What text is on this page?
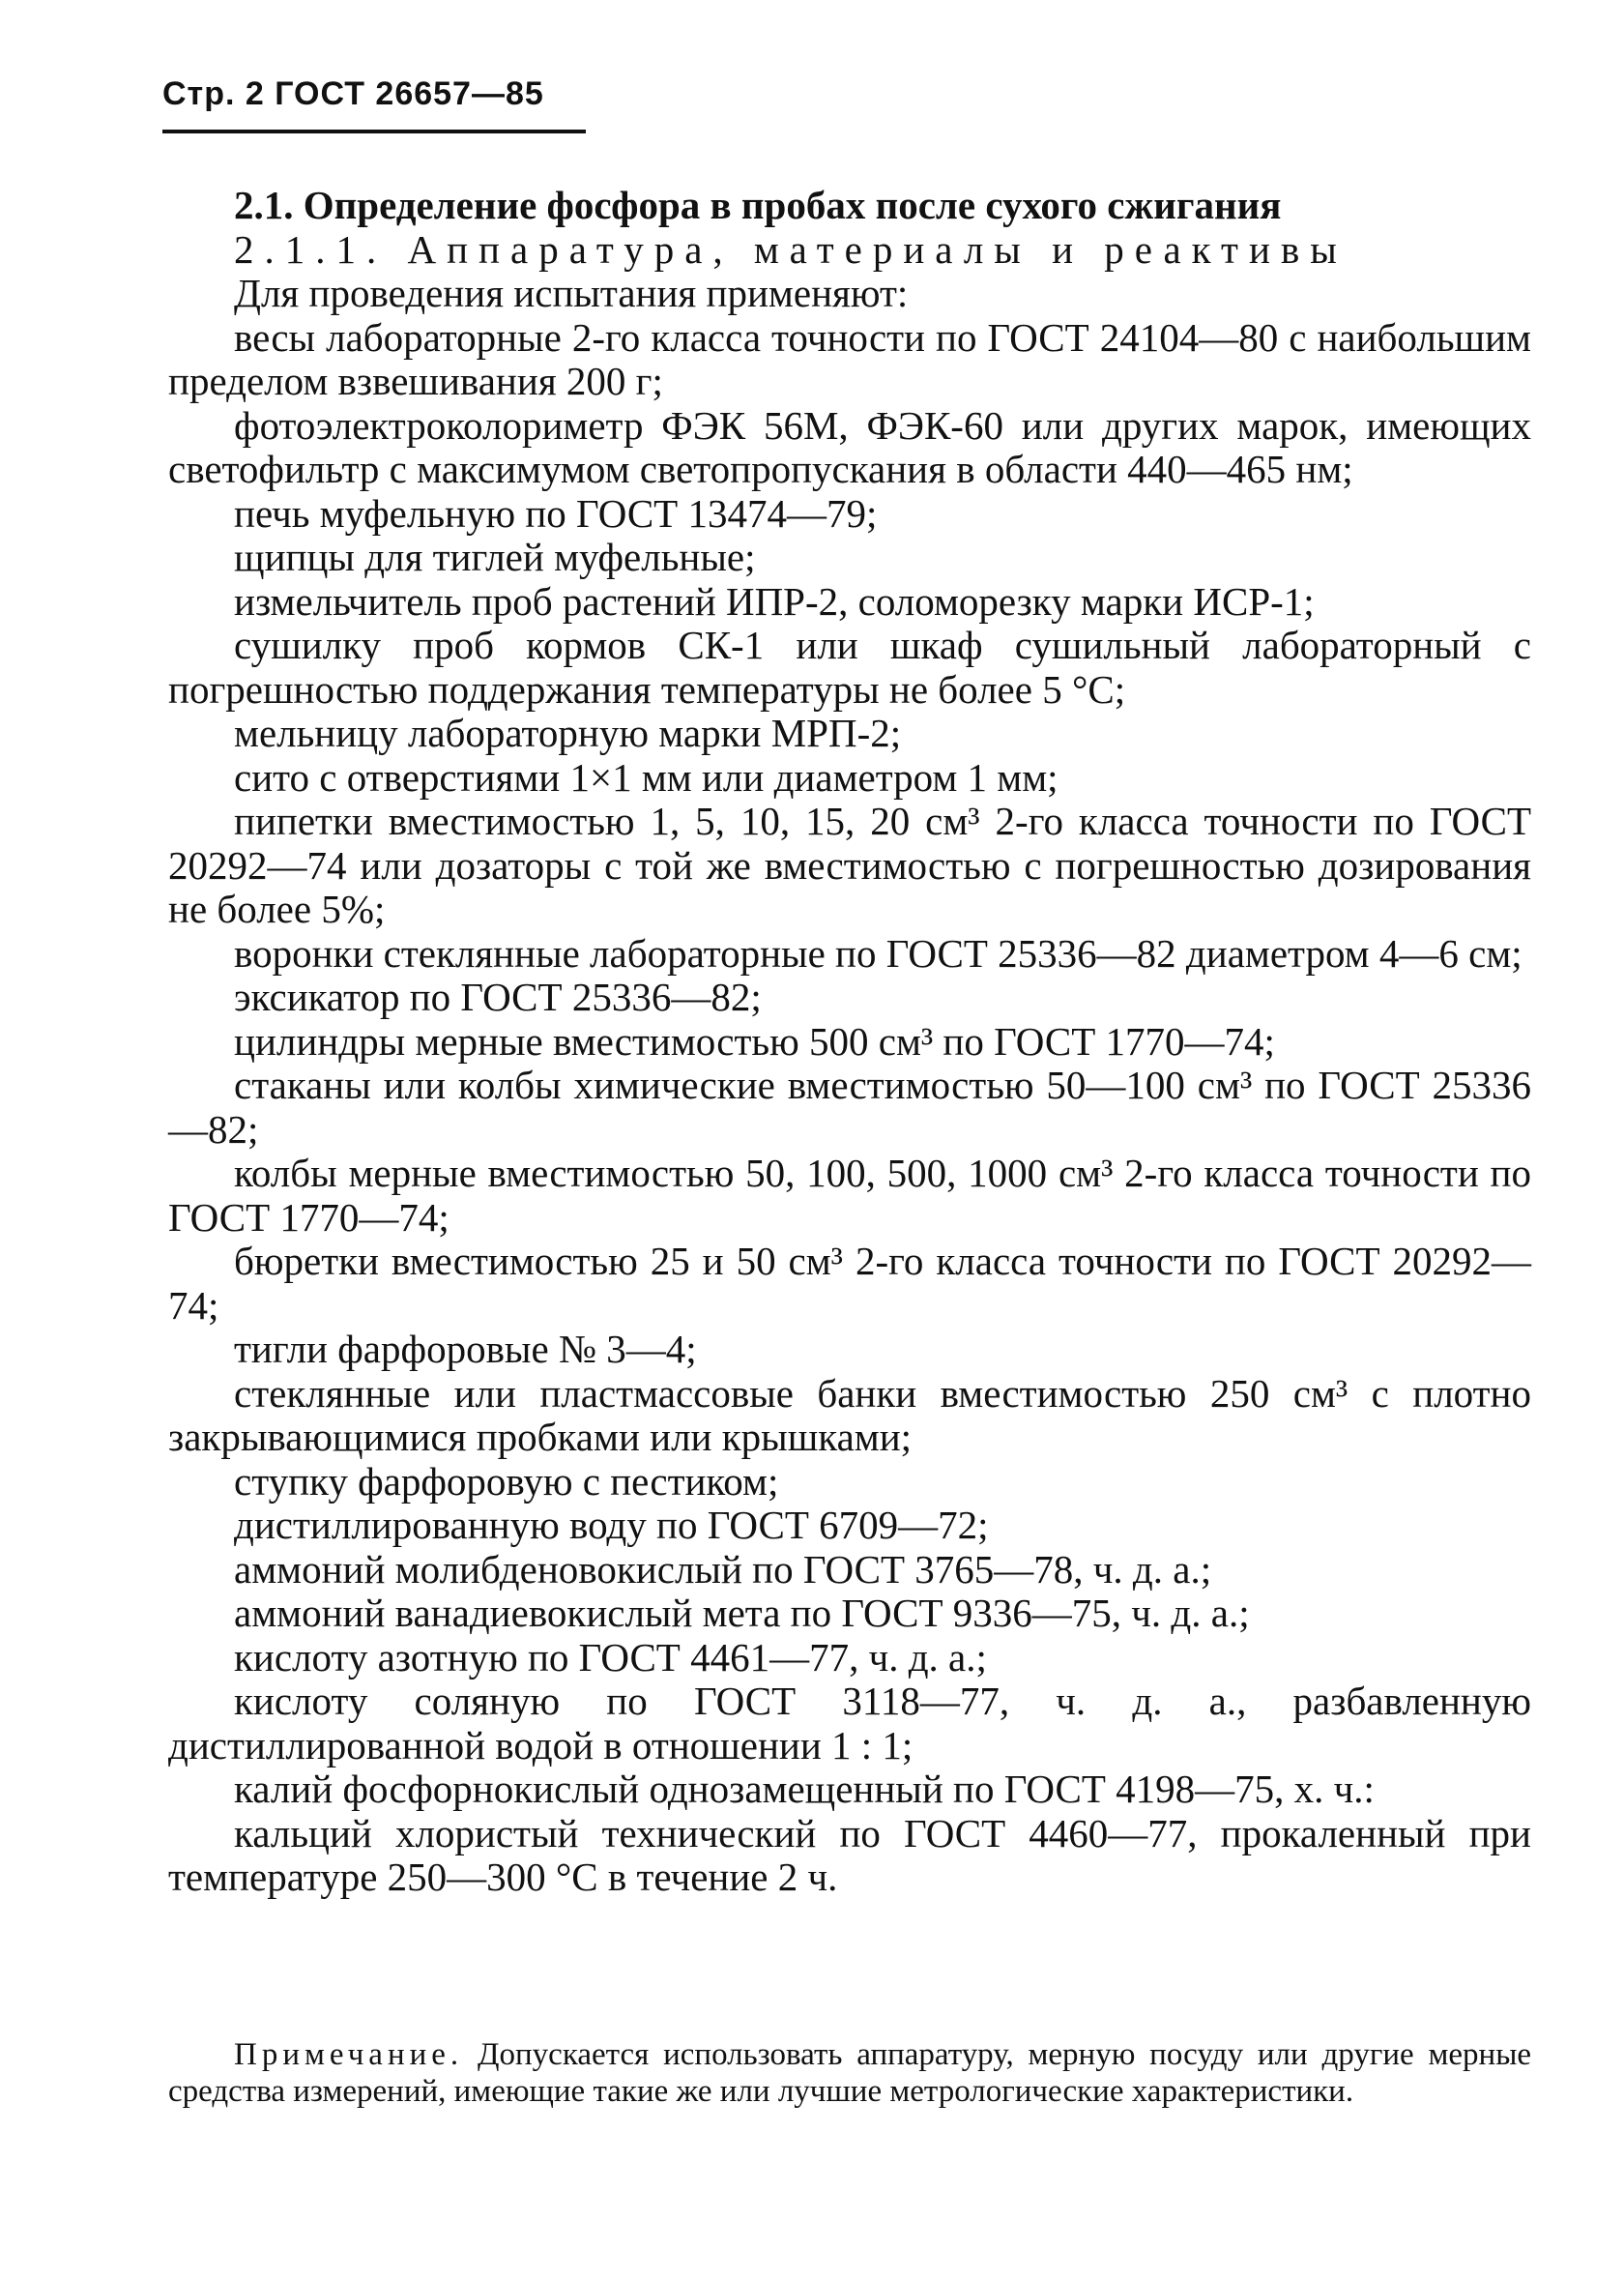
Стр. 2 ГОСТ 26657—85

2.1. Определение фосфора в пробах после сухого сжигания

2.1.1. Аппаратура, материалы и реактивы

Для проведения испытания применяют:

весы лабораторные 2-го класса точности по ГОСТ 24104—80 с наибольшим пределом взвешивания 200 г;

фотоэлектроколориметр ФЭК 56М, ФЭК-60 или других марок, имеющих светофильтр с максимумом светопропускания в области 440—465 нм;

печь муфельную по ГОСТ 13474—79;

щипцы для тиглей муфельные;

измельчитель проб растений ИПР-2, соломорезку марки ИСР-1;

сушилку проб кормов СК-1 или шкаф сушильный лабораторный с погрешностью поддержания температуры не более 5 °С;

мельницу лабораторную марки МРП-2;

сито с отверстиями 1×1 мм или диаметром 1 мм;

пипетки вместимостью 1, 5, 10, 15, 20 см³ 2-го класса точности по ГОСТ 20292—74 или дозаторы с той же вместимостью с погрешностью дозирования не более 5%;

воронки стеклянные лабораторные по ГОСТ 25336—82 диаметром 4—6 см;

эксикатор по ГОСТ 25336—82;

цилиндры мерные вместимостью 500 см³ по ГОСТ 1770—74;

стаканы или колбы химические вместимостью 50—100 см³ по ГОСТ 25336—82;

колбы мерные вместимостью 50, 100, 500, 1000 см³ 2-го класса точности по ГОСТ 1770—74;

бюретки вместимостью 25 и 50 см³ 2-го класса точности по ГОСТ 20292—74;

тигли фарфоровые № 3—4;

стеклянные или пластмассовые банки вместимостью 250 см³ с плотно закрывающимися пробками или крышками;

ступку фарфоровую с пестиком;

дистиллированную воду по ГОСТ 6709—72;

аммоний молибденовокислый по ГОСТ 3765—78, ч. д. а.;

аммоний ванадиевокислый мета по ГОСТ 9336—75, ч. д. а.;

кислоту азотную по ГОСТ 4461—77, ч. д. а.;

кислоту соляную по ГОСТ 3118—77, ч. д. а., разбавленную дистиллированной водой в отношении 1 : 1;

калий фосфорнокислый однозамещенный по ГОСТ 4198—75, х. ч.:

кальций хлористый технический по ГОСТ 4460—77, прокаленный при температуре 250—300 °С в течение 2 ч.

Примечание. Допускается использовать аппаратуру, мерную посуду или другие мерные средства измерений, имеющие такие же или лучшие метрологические характеристики.
